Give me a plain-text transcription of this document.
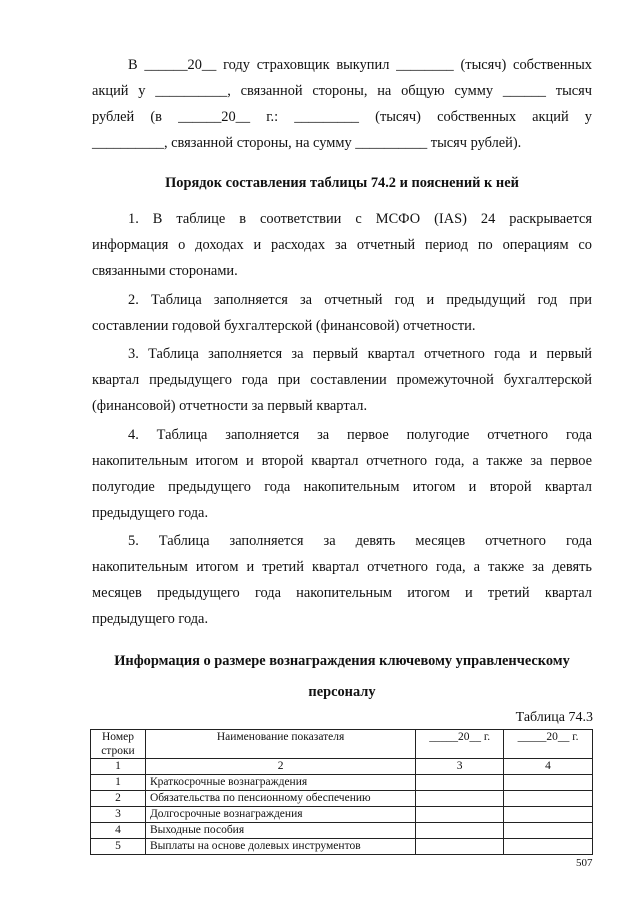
В ______20__ году страховщик выкупил ________ (тысяч) собственных
акций у __________, связанной стороны, на общую сумму ______ тысяч
рублей (в ______20__ г.: _________ (тысяч) собственных акций у
__________, связанной стороны, на сумму __________ тысяч рублей).
Порядок составления таблицы 74.2 и пояснений к ней
1. В таблице в соответствии с МСФО (IAS) 24 раскрывается
информация о доходах и расходах за отчетный период по операциям со
связанными сторонами.
2. Таблица заполняется за отчетный год и предыдущий год при
составлении годовой бухгалтерской (финансовой) отчетности.
3. Таблица заполняется за первый квартал отчетного года и первый
квартал предыдущего года при составлении промежуточной бухгалтерской
(финансовой) отчетности за первый квартал.
4. Таблица заполняется за первое полугодие отчетного года
накопительным итогом и второй квартал отчетного года, а также за первое
полугодие предыдущего года накопительным итогом и второй квартал
предыдущего года.
5. Таблица заполняется за девять месяцев отчетного года
накопительным итогом и третий квартал отчетного года, а также за девять
месяцев предыдущего года накопительным итогом и третий квартал
предыдущего года.
Информация о размере вознаграждения ключевому управленческому
персоналу
Таблица 74.3
Номер строки	Наименование показателя	_____20__ г.	_____20__ г.
1	2	3	4
1	Краткосрочные вознаграждения		
2	Обязательства по пенсионному обеспечению		
3	Долгосрочные вознаграждения		
4	Выходные пособия		
5	Выплаты на основе долевых инструментов		
507
